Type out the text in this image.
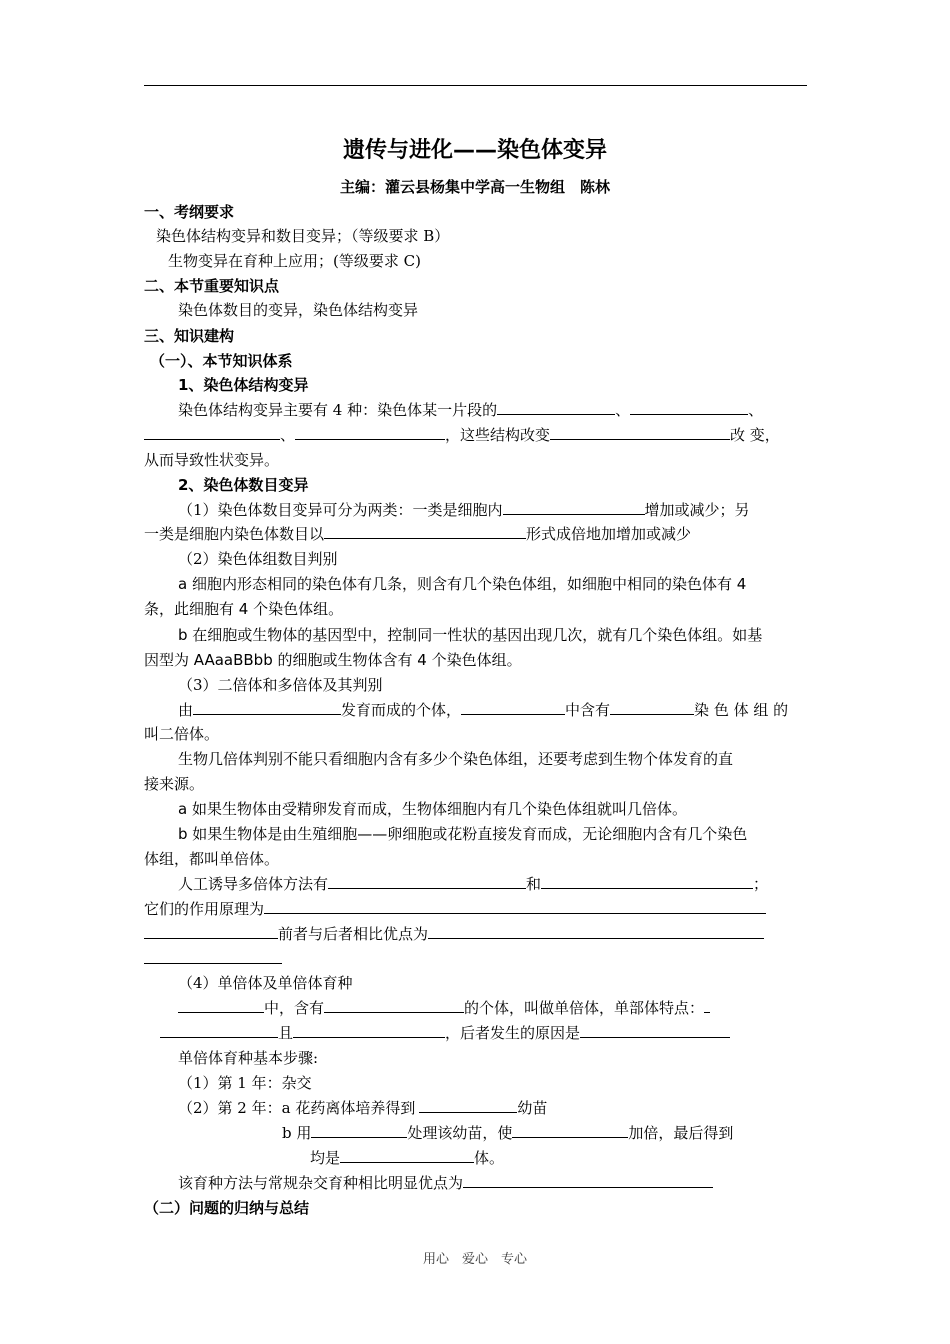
遗传与进化——染色体变异
主编：灌云县杨集中学高一生物组　陈林
一、考纲要求
染色体结构变异和数目变异；（等级要求 B）
生物变异在育种上应用；(等级要求 C)
二、本节重要知识点
染色体数目的变异，染色体结构变异
三、知识建构
（一）、本节知识体系
1、染色体结构变异
染色体结构变异主要有 4 种：染色体某一片段的	、	、
、	，这些结构改变	改 变，
从而导致性状变异。
2、染色体数目变异
（1）染色体数目变异可分为两类：一类是细胞内	增加或减少；另
一类是细胞内染色体数目以	形式成倍地加增加或减少
（2）染色体组数目判别
a 细胞内形态相同的染色体有几条，则含有几个染色体组，如细胞中相同的染色体有 4
条，此细胞有 4 个染色体组。
b 在细胞或生物体的基因型中，控制同一性状的基因出现几次，就有几个染色体组。如基
因型为 AAaaBBbb 的细胞或生物体含有 4 个染色体组。
（3）二倍体和多倍体及其判别
由	发育而成的个体，	中含有	染 色 体 组 的
叫二倍体。
生物几倍体判别不能只看细胞内含有多少个染色体组，还要考虑到生物个体发育的直
接来源。
a 如果生物体由受精卵发育而成，生物体细胞内有几个染色体组就叫几倍体。
b 如果生物体是由生殖细胞——卵细胞或花粉直接发育而成，无论细胞内含有几个染色
体组，都叫单倍体。
人工诱导多倍体方法有	和	；
它们的作用原理为
前者与后者相比优点为
（4）单倍体及单倍体育种
中，含有	的个体，叫做单倍体，单部体特点：
且	，后者发生的原因是
单倍体育种基本步骤:
（1）第 1 年：杂交
（2）第 2 年：a 花药离体培养得到	幼苗
b 用	处理该幼苗，使	加倍，最后得到
均是	体。
该育种方法与常规杂交育种相比明显优点为
（二）问题的归纳与总结
用心　爱心　专心
